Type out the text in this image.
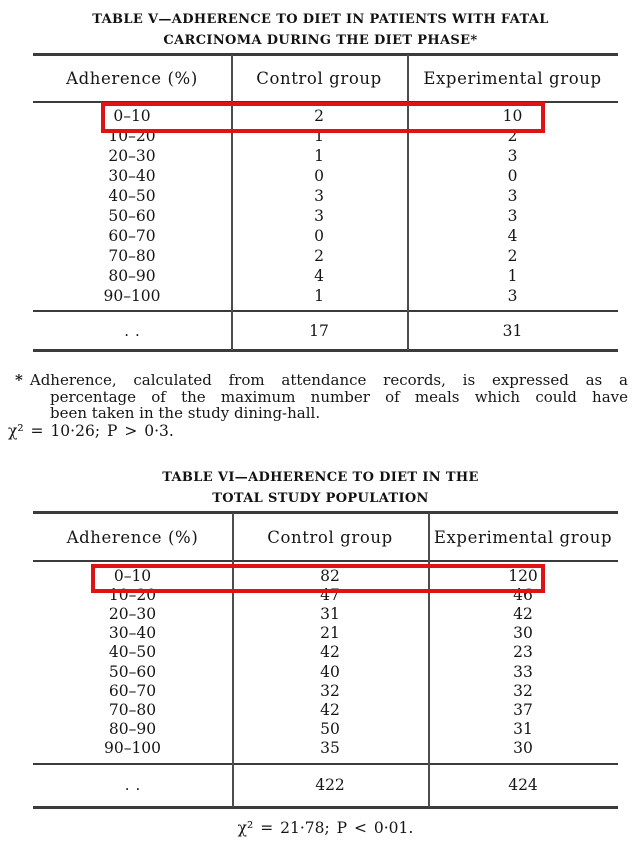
TABLE V—ADHERENCE TO DIET IN PATIENTS WITH FATAL
CARCINOMA DURING THE DIET PHASE*
Adherence (%)	Control group	Experimental group
0–10	2	10
10–20	1	2
20–30	1	3
30–40	0	0
40–50	3	3
50–60	3	3
60–70	0	4
70–80	2	2
80–90	4	1
90–100	1	3
..	17	31
* Adherence, calculated from attendance records, is expressed as a
percentage of the maximum number of meals which could have
been taken in the study dining-hall.
χ² = 10·26; P > 0·3.
TABLE VI—ADHERENCE TO DIET IN THE
TOTAL STUDY POPULATION
Adherence (%)	Control group	Experimental group
0–10	82	120
10–20	47	46
20–30	31	42
30–40	21	30
40–50	42	23
50–60	40	33
60–70	32	32
70–80	42	37
80–90	50	31
90–100	35	30
..	422	424
χ² = 21·78; P < 0·01.
